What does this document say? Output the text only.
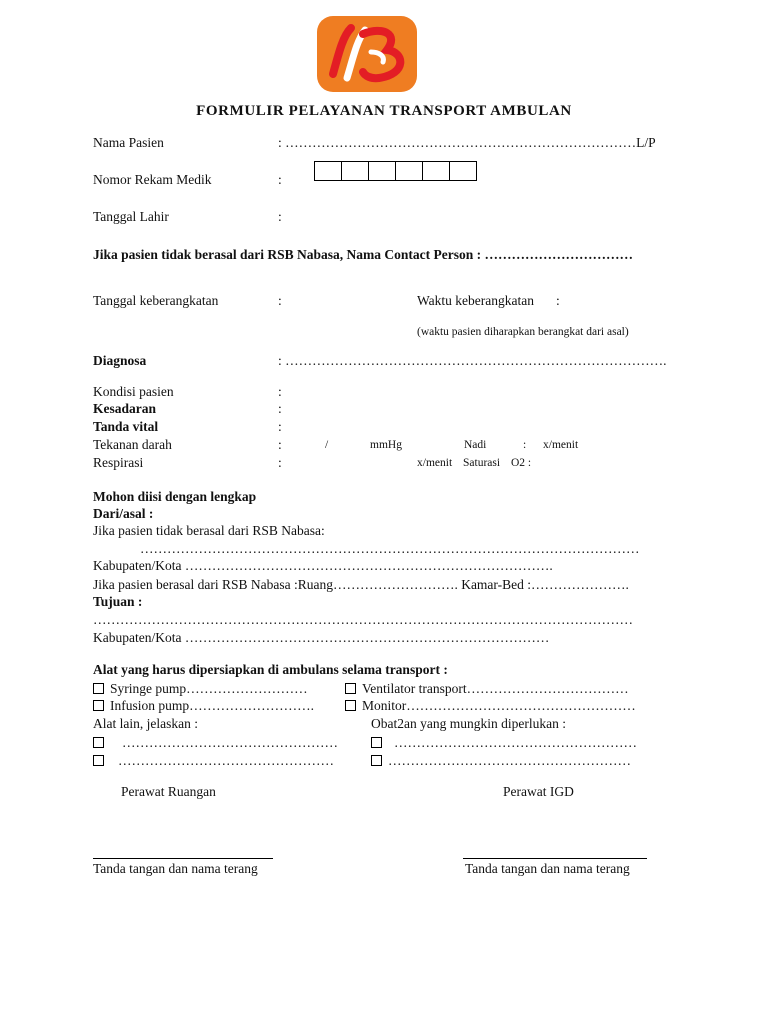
FORMULIR PELAYANAN TRANSPORT AMBULAN
Nama Pasien	: ……………………………………………………………………L/P
Nomor Rekam Medik	:
Tanggal Lahir	:
Jika pasien tidak berasal dari RSB Nabasa, Nama Contact Person : ……………………………
Tanggal keberangkatan	:	Waktu keberangkatan :
(waktu pasien diharapkan berangkat dari asal)
Diagnosa	: ………………………………………………………………………….
Kondisi pasien	:
Kesadaran	:
Tanda vital	:
Tekanan darah	:	/	mmHg	Nadi	: x/menit
Respirasi	:	x/menit Saturasi O2 :
Mohon diisi dengan lengkap
Dari/asal :
Jika pasien tidak berasal dari RSB Nabasa:
…………………………………………………………………………………………………
Kabupaten/Kota ……………………………………………………………………….
Jika pasien berasal dari RSB Nabasa :Ruang………………………. Kamar-Bed :………………….
Tujuan :
…………………………………………………………………………………………………………
Kabupaten/Kota ………………………………………………………………………
Alat yang harus dipersiapkan di ambulans selama transport :
Syringe pump………………………	Ventilator transport………………………………
Infusion pump……………………….	Monitor……………………………………………
Alat lain, jelaskan :	Obat2an yang mungkin diperlukan :
…………………………………………	………………………………………………
…………………………………………	………………………………………………
Perawat Ruangan	Perawat IGD
Tanda tangan dan nama terang	Tanda tangan dan nama terang
